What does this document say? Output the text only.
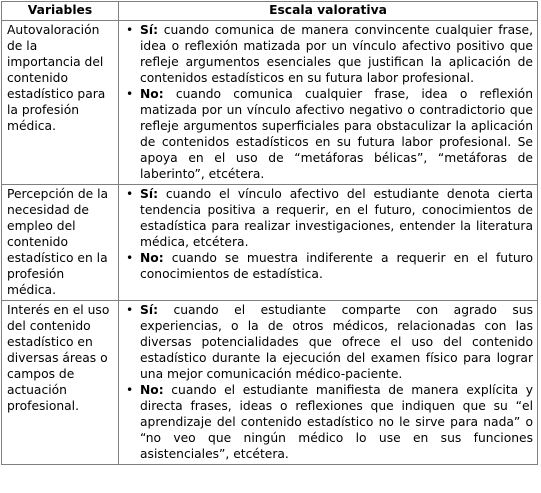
Variables	Escala valorativa
Autovaloración de la importancia del contenido estadístico para la profesión médica.	• Sí: cuando comunica de manera convincente cualquier frase, idea o reflexión matizada por un vínculo afectivo positivo que refleje argumentos esenciales que justifican la aplicación de contenidos estadísticos en su futura labor profesional.
• No: cuando comunica cualquier frase, idea o reflexión matizada por un vínculo afectivo negativo o contradictorio que refleje argumentos superficiales para obstaculizar la aplicación de contenidos estadísticos en su futura labor profesional. Se apoya en el uso de “metáforas bélicas”, “metáforas de laberinto”, etcétera.

Percepción de la necesidad de empleo del contenido estadístico en la profesión médica.	• Sí: cuando el vínculo afectivo del estudiante denota cierta tendencia positiva a requerir, en el futuro, conocimientos de estadística para realizar investigaciones, entender la literatura médica, etcétera.
• No: cuando se muestra indiferente a requerir en el futuro conocimientos de estadística.

Interés en el uso del contenido estadístico en diversas áreas o campos de actuación profesional.	• Sí: cuando el estudiante comparte con agrado sus experiencias, o la de otros médicos, relacionadas con las diversas potencialidades que ofrece el uso del contenido estadístico durante la ejecución del examen físico para lograr una mejor comunicación médico-paciente.
• No: cuando el estudiante manifiesta de manera explícita y directa frases, ideas o reflexiones que indiquen que su “el aprendizaje del contenido estadístico no le sirve para nada” o “no veo que ningún médico lo use en sus funciones asistenciales”, etcétera.
